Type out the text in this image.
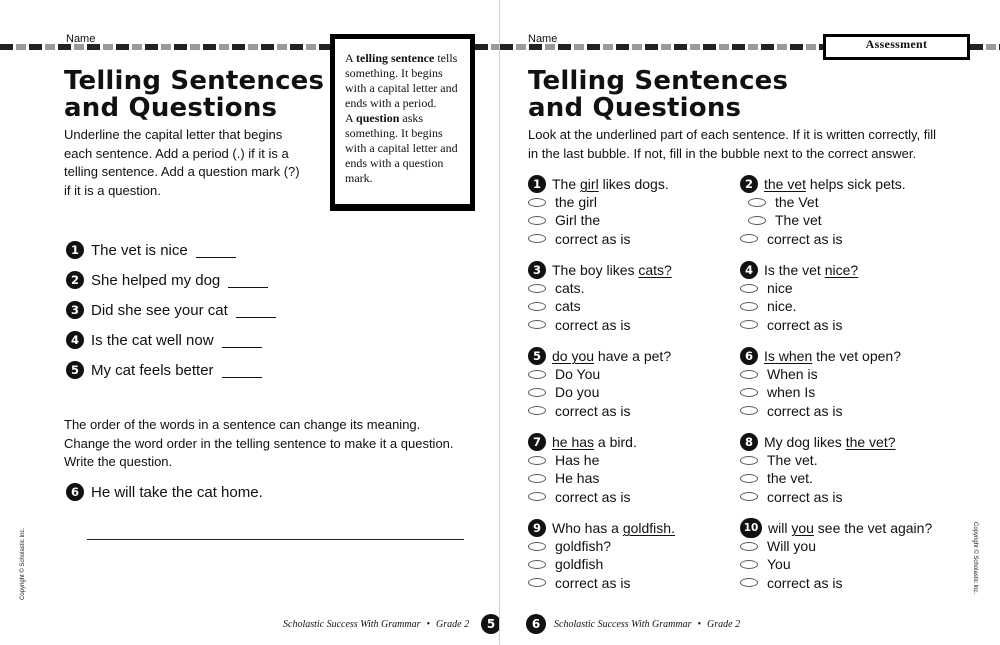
Name
Telling Sentences
and Questions
Underline the capital letter that begins
each sentence. Add a period (.) if it is a
telling sentence. Add a question mark (?)
if it is a question.
A telling sentence tells something. It begins with a capital letter and ends with a period.
A question asks something. It begins with a capital letter and ends with a question mark.
1 The vet is nice
2 She helped my dog
3 Did she see your cat
4 Is the cat well now
5 My cat feels better
The order of the words in a sentence can change its meaning.
Change the word order in the telling sentence to make it a question.
Write the question.
6 He will take the cat home.
Copyright © Scholastic Inc.
Scholastic Success With Grammar • Grade 2	5
Name	Assessment
Telling Sentences
and Questions
Look at the underlined part of each sentence. If it is written correctly, fill
in the last bubble. If not, fill in the bubble next to the correct answer.
1 The girl likes dogs.
the girl
Girl the
correct as is
2 the vet helps sick pets.
the Vet
The vet
correct as is
3 The boy likes cats?
cats.
cats
correct as is
4 Is the vet nice?
nice
nice.
correct as is
5 do you have a pet?
Do You
Do you
correct as is
6 Is when the vet open?
When is
when Is
correct as is
7 he has a bird.
Has he
He has
correct as is
8 My dog likes the vet?
The vet.
the vet.
correct as is
9 Who has a goldfish.
goldfish?
goldfish
correct as is
10 will you see the vet again?
Will you
You
correct as is	Copyright © Scholastic Inc.
6	Scholastic Success With Grammar • Grade 2
